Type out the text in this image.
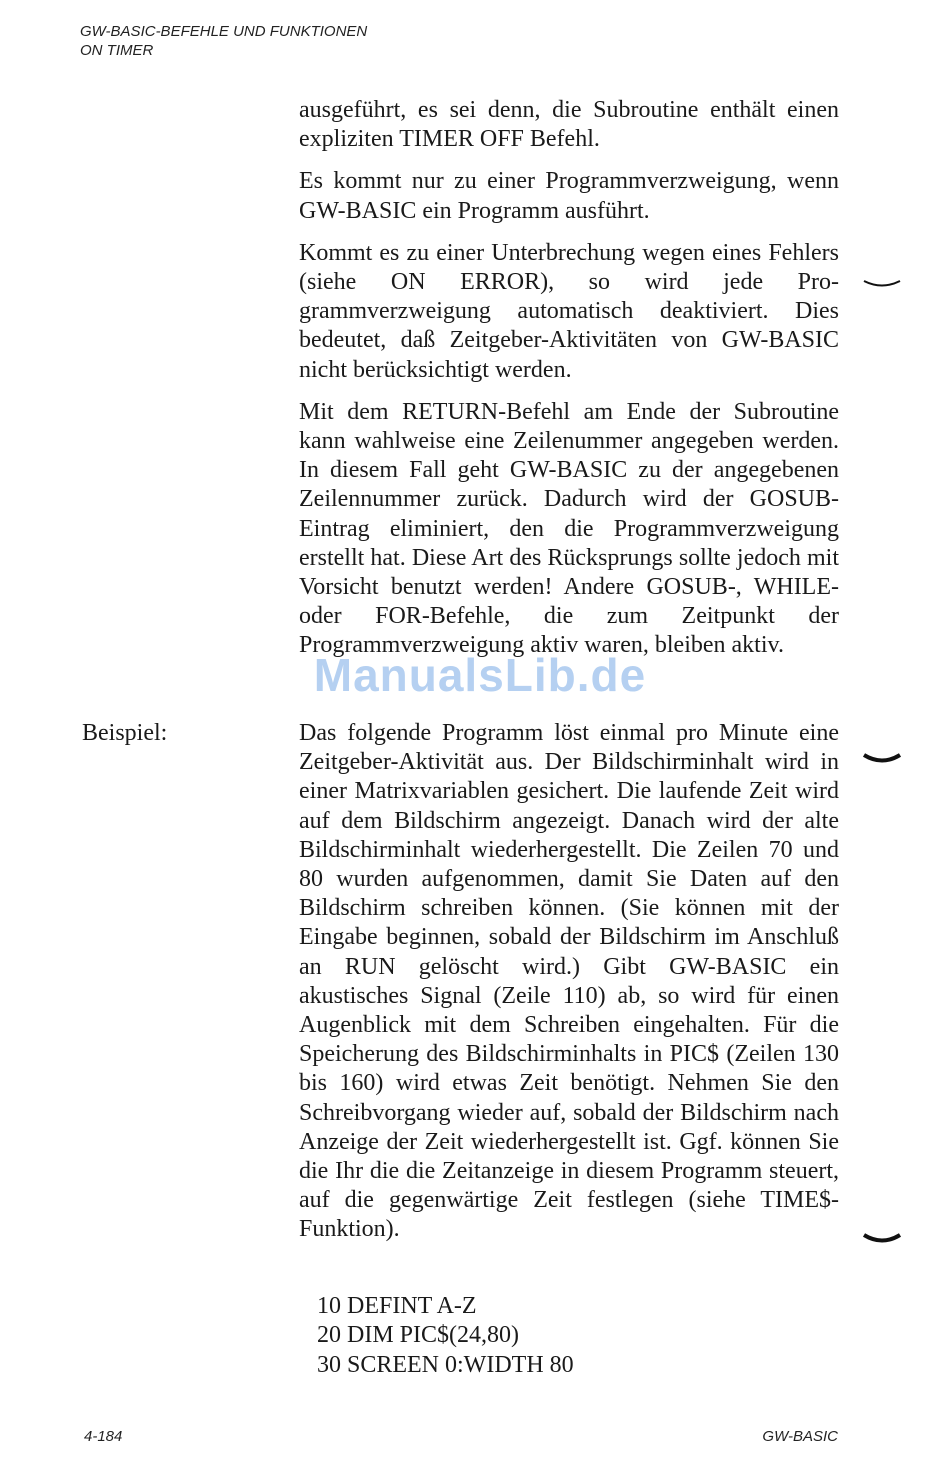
GW-BASIC-BEFEHLE UND FUNKTIONEN
ON TIMER

ausgeführt, es sei denn, die Subroutine enthält einen expliziten TIMER OFF Befehl.

Es kommt nur zu einer Programmverzweigung, wenn GW-BASIC ein Programm ausführt.

Kommt es zu einer Unterbrechung wegen eines Fehlers (siehe ON ERROR), so wird jede Programmverzweigung automatisch deaktiviert. Dies bedeutet, daß Zeitgeber-Aktivitäten von GW-BASIC nicht berücksichtigt werden.

Mit dem RETURN-Befehl am Ende der Subroutine kann wahlweise eine Zeilenummer angegeben werden. In diesem Fall geht GW-BASIC zu der angegebenen Zeilennummer zurück. Dadurch wird der GOSUB-Eintrag eliminiert, den die Programmverzweigung erstellt hat. Diese Art des Rücksprungs sollte jedoch mit Vorsicht benutzt werden! Andere GOSUB-, WHILE- oder FOR-Befehle, die zum Zeitpunkt der Programmverzweigung aktiv waren, bleiben aktiv.

ManualsLib.de
Beispiel:	Das folgende Programm löst einmal pro Minute eine Zeitgeber-Aktivität aus. Der Bildschirminhalt wird in einer Matrixvariablen gesichert. Die laufende Zeit wird auf dem Bildschirm angezeigt. Danach wird der alte Bildschirminhalt wiederhergestellt. Die Zeilen 70 und 80 wurden aufgenommen, damit Sie Daten auf den Bildschirm schreiben können. (Sie können mit der Eingabe beginnen, sobald der Bildschirm im Anschluß an RUN gelöscht wird.) Gibt GW-BASIC ein akustisches Signal (Zeile 110) ab, so wird für einen Augenblick mit dem Schreiben eingehalten. Für die Speicherung des Bildschirminhalts in PIC$ (Zeilen 130 bis 160) wird etwas Zeit benötigt. Nehmen Sie den Schreibvorgang wieder auf, sobald der Bildschirm nach Anzeige der Zeit wiederhergestellt ist. Ggf. können Sie die Ihr die die Zeitanzeige in diesem Programm steuert, auf die gegenwärtige Zeit festlegen (siehe TIME$-Funktion).

10 DEFINT A-Z
20 DIM PIC$(24,80)
30 SCREEN 0:WIDTH 80
4-184	GW-BASIC
